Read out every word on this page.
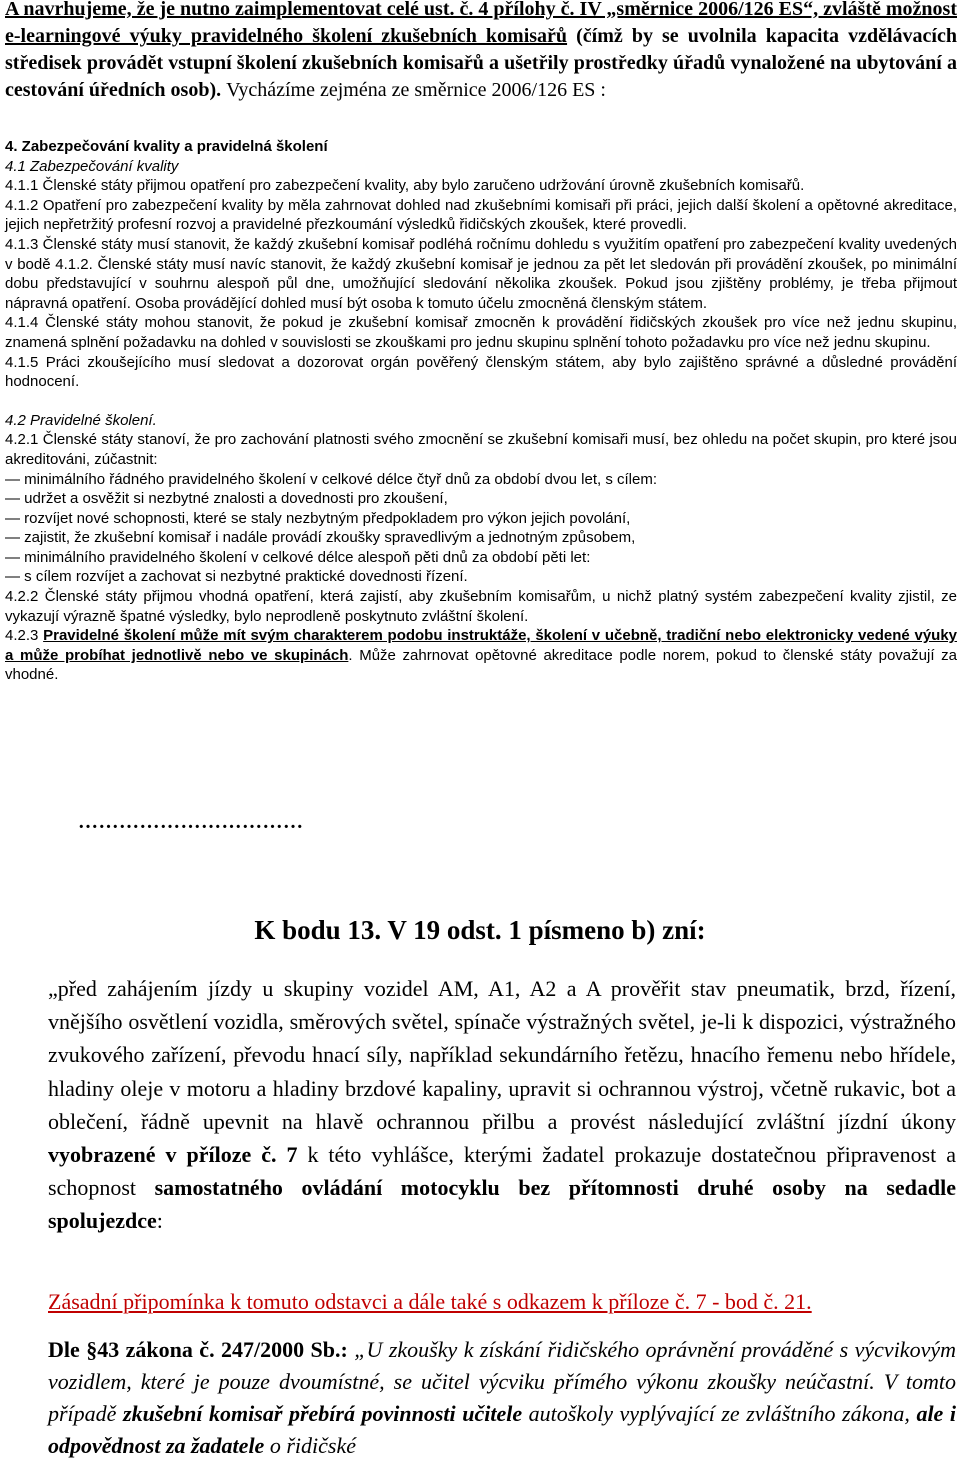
A navrhujeme, že je nutno zaimplementovat celé ust. č. 4 přílohy č. IV „směrnice 2006/126 ES“, zvláště možnost e-learningové výuky pravidelného školení zkušebních komisařů (čímž by se uvolnila kapacita vzdělávacích středisek provádět vstupní školení zkušebních komisařů a ušetřily prostředky úřadů vynaložené na ubytování a cestování úředních osob). Vycházíme zejména ze směrnice 2006/126 ES :

4. Zabezpečování kvality a pravidelná školení

4.1 Zabezpečování kvality

4.1.1 Členské státy přijmou opatření pro zabezpečení kvality, aby bylo zaručeno udržování úrovně zkušebních komisařů.

4.1.2 Opatření pro zabezpečení kvality by měla zahrnovat dohled nad zkušebními komisaři při práci, jejich další školení a opětovné akreditace, jejich nepřetržitý profesní rozvoj a pravidelné přezkoumání výsledků řidičských zkoušek, které provedli.

4.1.3 Členské státy musí stanovit, že každý zkušební komisař podléhá ročnímu dohledu s využitím opatření pro zabezpečení kvality uvedených v bodě 4.1.2. Členské státy musí navíc stanovit, že každý zkušební komisař je jednou za pět let sledován při provádění zkoušek, po minimální dobu představující v souhrnu alespoň půl dne, umožňující sledování několika zkoušek. Pokud jsou zjištěny problémy, je třeba přijmout nápravná opatření. Osoba provádějící dohled musí být osoba k tomuto účelu zmocněná členským státem.

4.1.4 Členské státy mohou stanovit, že pokud je zkušební komisař zmocněn k provádění řidičských zkoušek pro více než jednu skupinu, znamená splnění požadavku na dohled v souvislosti se zkouškami pro jednu skupinu splnění tohoto požadavku pro více než jednu skupinu.

4.1.5 Práci zkoušejícího musí sledovat a dozorovat orgán pověřený členským státem, aby bylo zajištěno správné a důsledné provádění hodnocení.

4.2 Pravidelné školení.

4.2.1 Členské státy stanoví, že pro zachování platnosti svého zmocnění se zkušební komisaři musí, bez ohledu na počet skupin, pro které jsou akreditováni, zúčastnit:

— minimálního řádného pravidelného školení v celkové délce čtyř dnů za období dvou let, s cílem:

— udržet a osvěžit si nezbytné znalosti a dovednosti pro zkoušení,

— rozvíjet nové schopnosti, které se staly nezbytným předpokladem pro výkon jejich povolání,

— zajistit, že zkušební komisař i nadále provádí zkoušky spravedlivým a jednotným způsobem,

— minimálního pravidelného školení v celkové délce alespoň pěti dnů za období pěti let:

— s cílem rozvíjet a zachovat si nezbytné praktické dovednosti řízení.

4.2.2 Členské státy přijmou vhodná opatření, která zajistí, aby zkušebním komisařům, u nichž platný systém zabezpečení kvality zjistil, ze vykazují výrazně špatné výsledky, bylo neprodleně poskytnuto zvláštní školení.

4.2.3 Pravidelné školení může mít svým charakterem podobu instruktáže, školení v učebně, tradiční nebo elektronicky vedené výuky a může probíhat jednotlivě nebo ve skupinách. Může zahrnovat opětovné akreditace podle norem, pokud to členské státy považují za vhodné.

……………………………
K bodu 13. V 19 odst. 1 písmeno b) zní:

„před zahájením jízdy u skupiny vozidel AM, A1, A2 a A prověřit stav pneumatik, brzd, řízení, vnějšího osvětlení vozidla, směrových světel, spínače výstražných světel, je-li k dispozici, výstražného zvukového zařízení, převodu hnací síly, například sekundárního řetězu, hnacího řemenu nebo hřídele, hladiny oleje v motoru a hladiny brzdové kapaliny, upravit si ochrannou výstroj, včetně rukavic, bot a oblečení, řádně upevnit na hlavě ochrannou přilbu a provést následující zvláštní jízdní úkony vyobrazené v příloze č. 7 k této vyhlášce, kterými žadatel prokazuje dostatečnou připravenost a schopnost samostatného ovládání motocyklu bez přítomnosti druhé osoby na sedadle spolujezdce:

Zásadní připomínka k tomuto odstavci a dále také s odkazem k příloze č. 7 - bod č. 21.
Dle §43 zákona č. 247/2000 Sb.: „U zkoušky k získání řidičského oprávnění prováděné s výcvikovým vozidlem, které je pouze dvoumístné, se učitel výcviku přímého výkonu zkoušky neúčastní. V tomto případě zkušební komisař přebírá povinnosti učitele autoškoly vyplývající ze zvláštního zákona, ale i odpovědnost za žadatele o řidičské
